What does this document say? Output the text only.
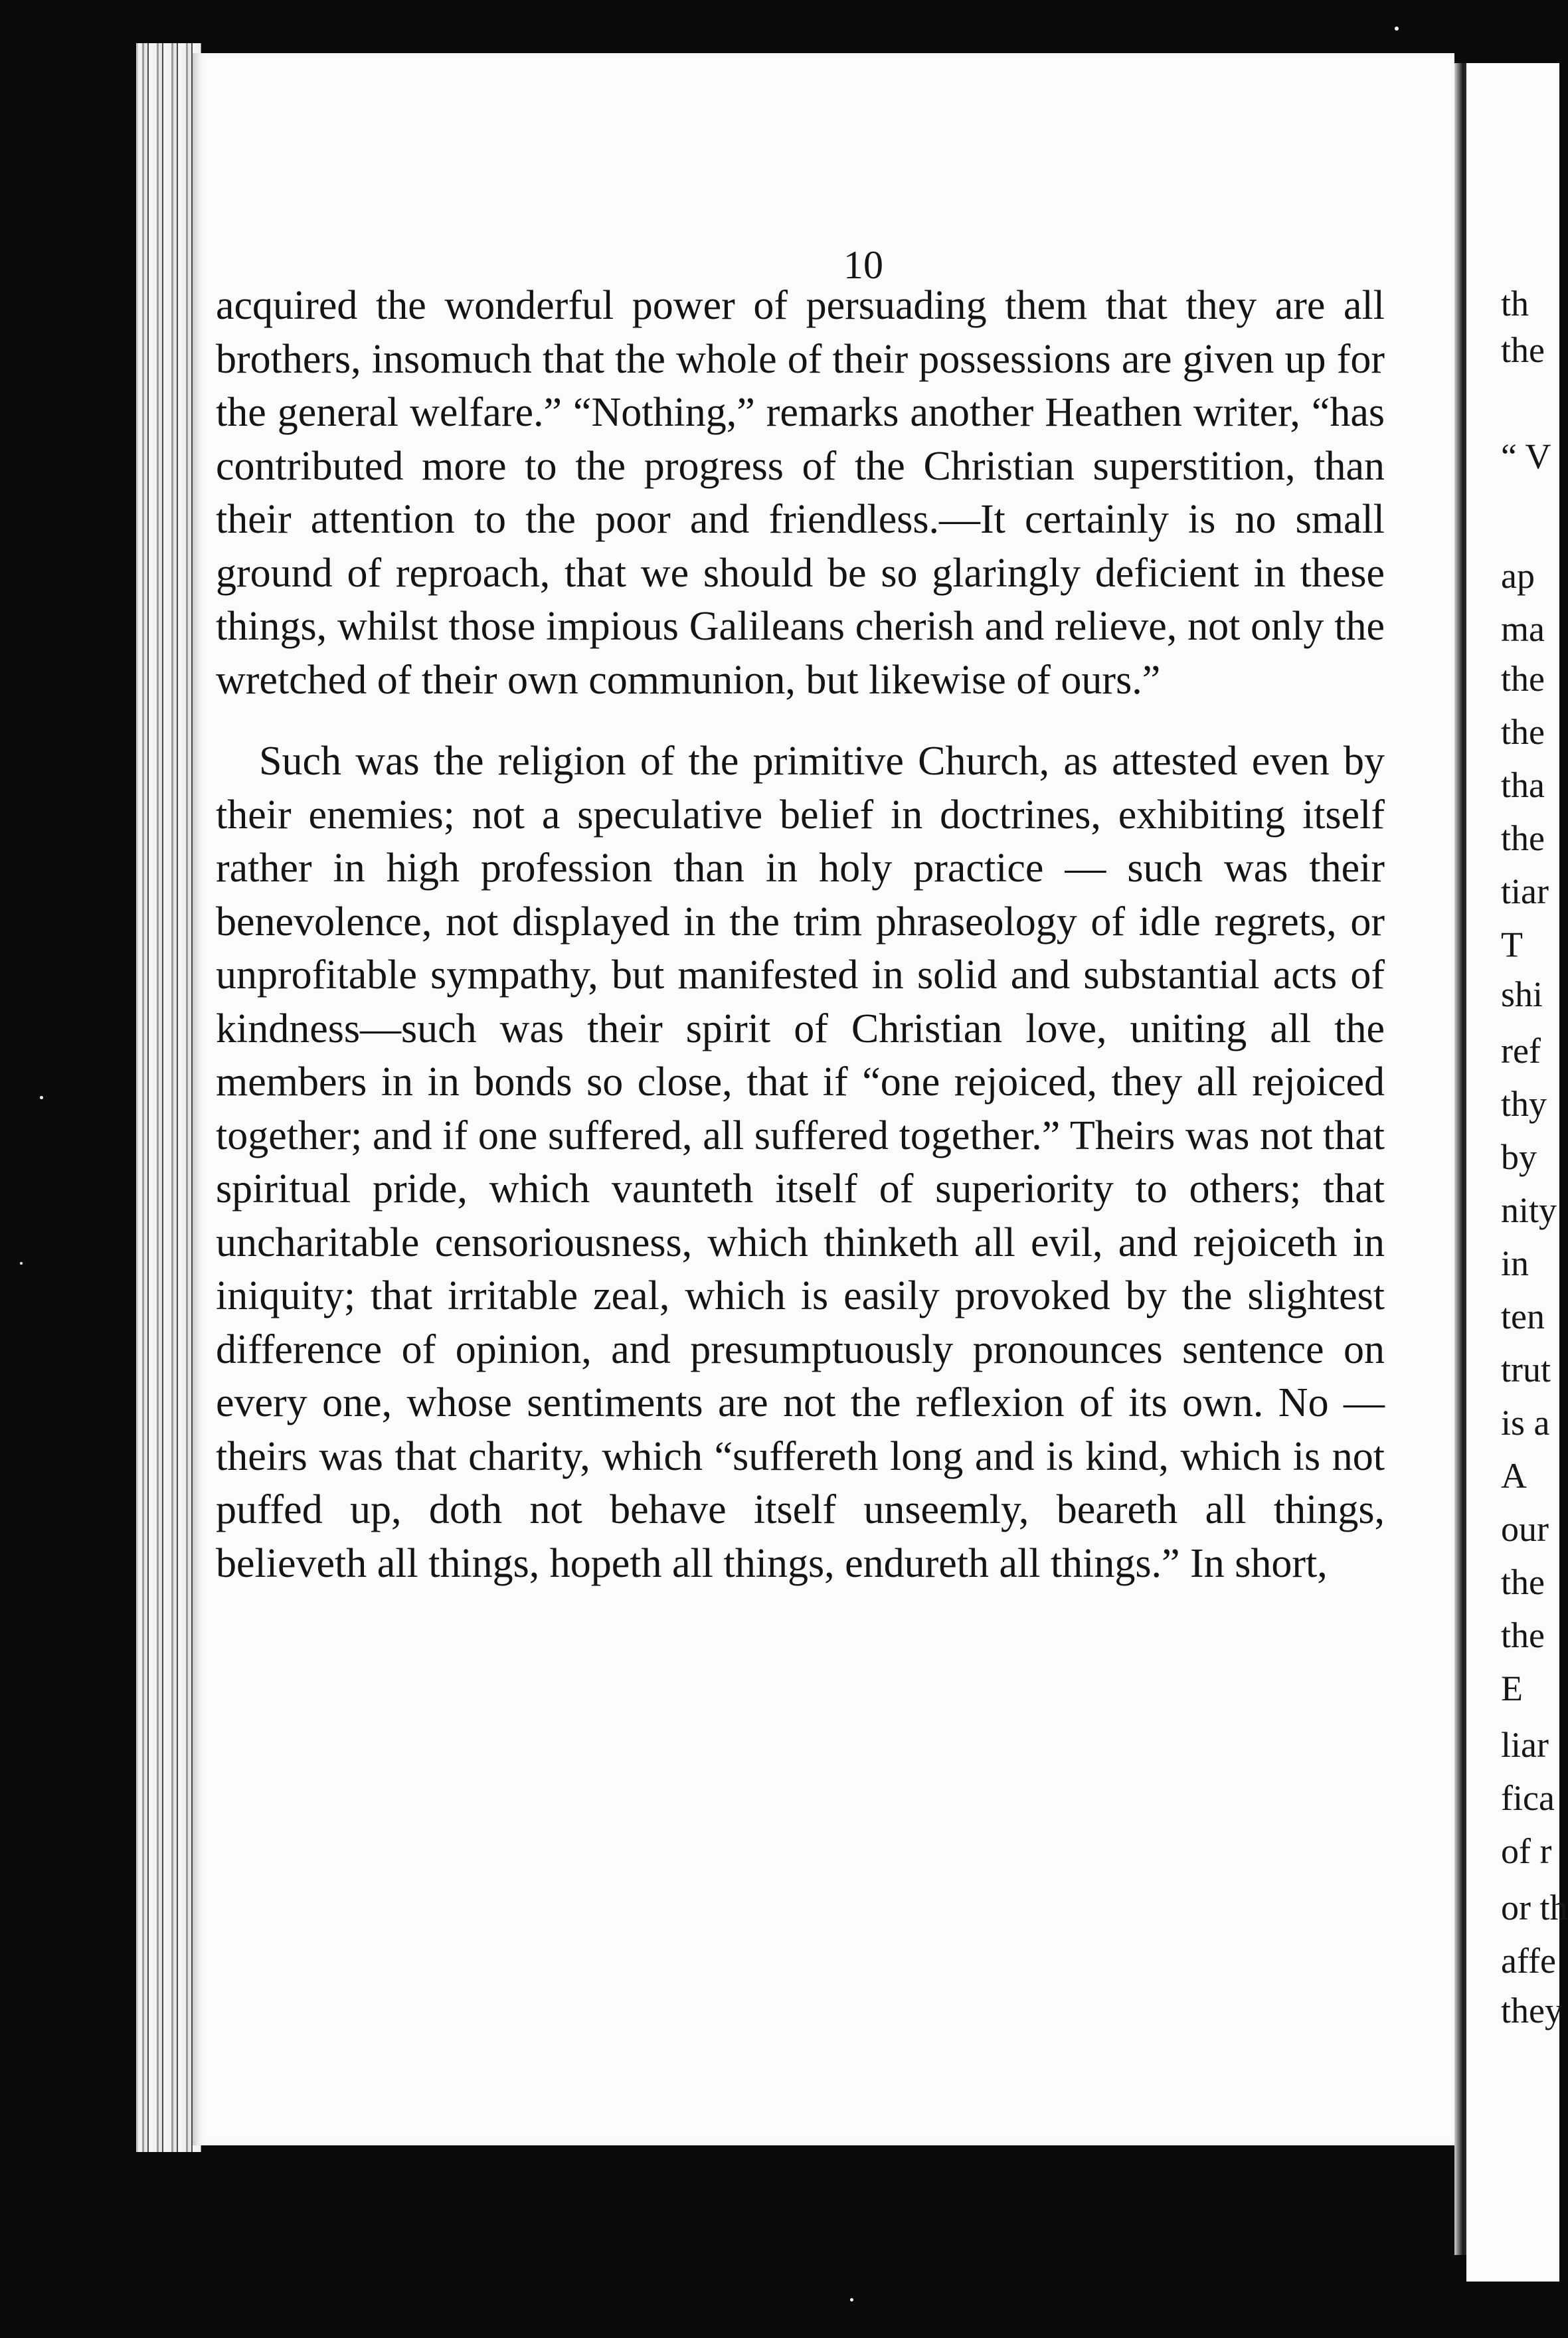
10

acquired the wonderful power of persuading them that they are all brothers, insomuch that the whole of their possessions are given up for the general welfare.” “Nothing,” remarks another Heathen writer, “has contributed more to the progress of the Christian superstition, than their attention to the poor and friendless.—It certainly is no small ground of reproach, that we should be so glaringly deficient in these things, whilst those impious Galileans cherish and relieve, not only the wretched of their own communion, but likewise of ours.”

Such was the religion of the primitive Church, as attested even by their enemies; not a speculative belief in doctrines, exhibiting itself rather in high profession than in holy practice — such was their benevolence, not displayed in the trim phraseology of idle regrets, or unprofitable sympathy, but manifested in solid and substantial acts of kindness—such was their spirit of Christian love, uniting all the members in in bonds so close, that if “one rejoiced, they all rejoiced together; and if one suffered, all suffered together.” Theirs was not that spiritual pride, which vaunteth itself of superiority to others; that uncharitable censoriousness, which thinketh all evil, and rejoiceth in iniquity; that irritable zeal, which is easily provoked by the slightest difference of opinion, and presumptuously pronounces sentence on every one, whose sentiments are not the reflexion of its own. No — theirs was that charity, which “suffereth long and is kind, which is not puffed up, doth not behave itself unseemly, beareth all things, believeth all things, hopeth all things, endureth all things.” In short,

th
the
“ V
ap
ma
the
the
tha
the
tiar
T
shi
ref
thy
by
nity
in
ten
trut
is a
A
our
the
the
E
liar
fica
of r
or th
affe
they
